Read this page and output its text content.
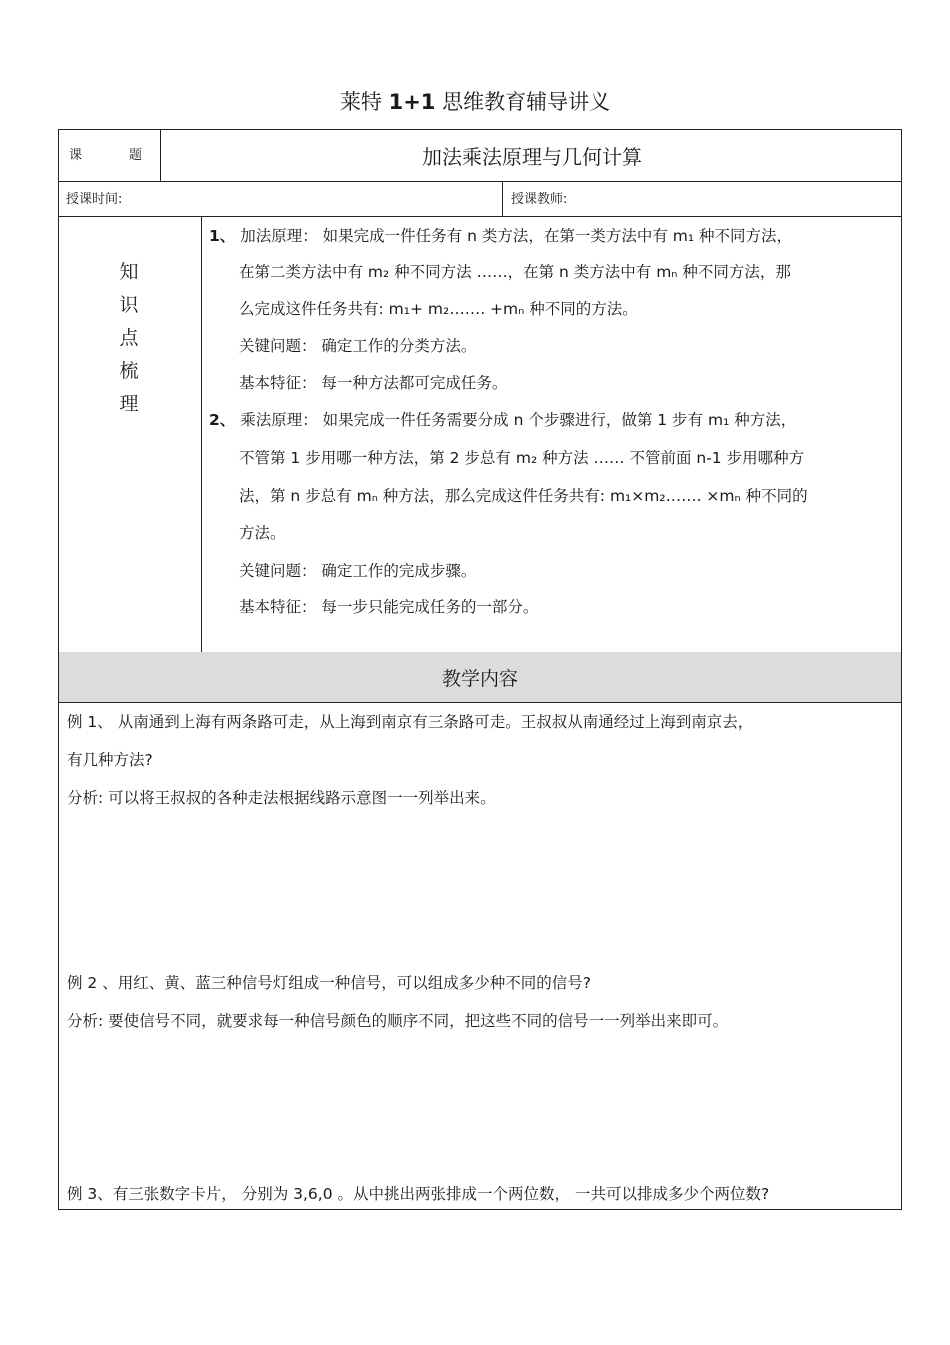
莱特 1+1 思维教育辅导讲义
课	题	加法乘法原理与几何计算
授课时间:	授课教师:
知
识
点
梳
理
1、 加法原理： 如果完成一件任务有 n 类方法，在第一类方法中有 m₁ 种不同方法，
在第二类方法中有 m₂ 种不同方法 ……，在第 n 类方法中有 mₙ 种不同方法，那
么完成这件任务共有: m₁+ m₂……. +mₙ 种不同的方法。
关键问题： 确定工作的分类方法。
基本特征： 每一种方法都可完成任务。
2、 乘法原理： 如果完成一件任务需要分成 n 个步骤进行，做第 1 步有 m₁ 种方法，
不管第 1 步用哪一种方法，第 2 步总有 m₂ 种方法 …… 不管前面 n-1 步用哪种方
法，第 n 步总有 mₙ 种方法，那么完成这件任务共有: m₁×m₂……. ×mₙ 种不同的
方法。
关键问题： 确定工作的完成步骤。
基本特征： 每一步只能完成任务的一部分。
教学内容
例 1、 从南通到上海有两条路可走，从上海到南京有三条路可走。王叔叔从南通经过上海到南京去，
有几种方法?
分析: 可以将王叔叔的各种走法根据线路示意图一一列举出来。
例 2 、用红、黄、蓝三种信号灯组成一种信号，可以组成多少种不同的信号?
分析: 要使信号不同，就要求每一种信号颜色的顺序不同，把这些不同的信号一一列举出来即可。
例 3、有三张数字卡片， 分别为 3,6,0 。从中挑出两张排成一个两位数， 一共可以排成多少个两位数?
